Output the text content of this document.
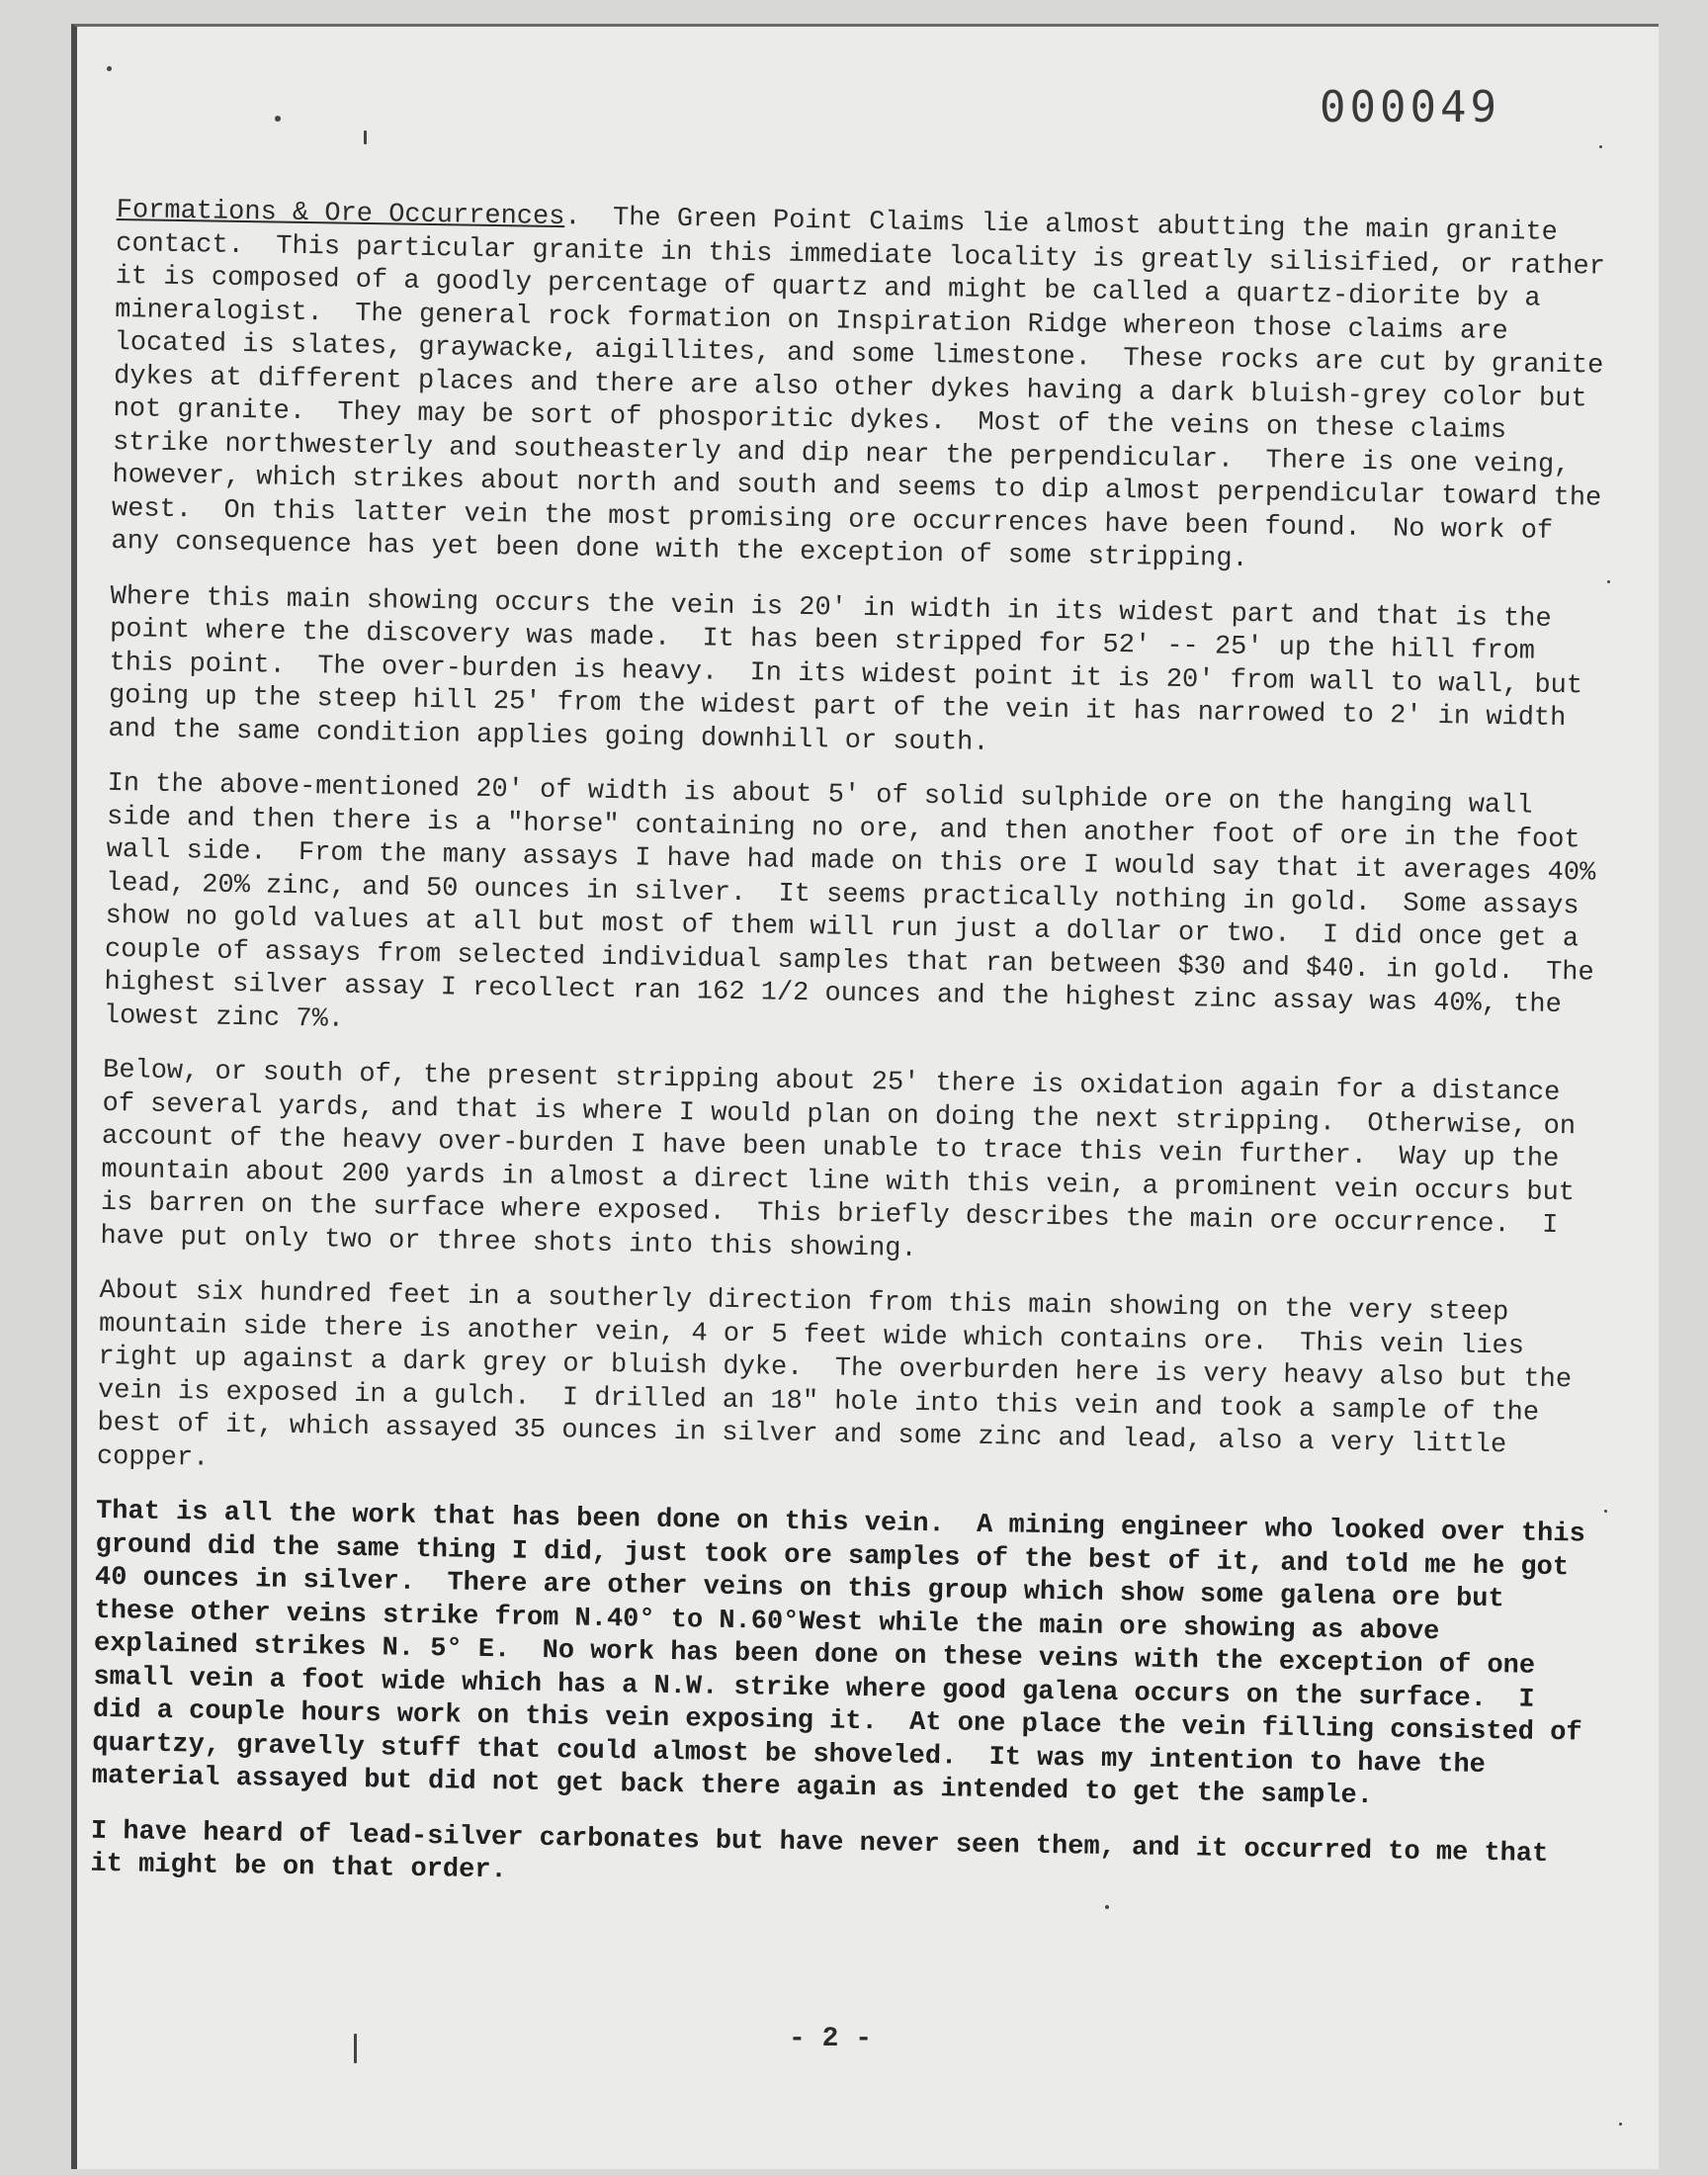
000049

Formations & Ore Occurrences.  The Green Point Claims lie almost abutting the main granite contact.  This particular granite in this immediate locality is greatly silisified, or rather it is composed of a goodly percentage of quartz and might be called a quartz-diorite by a mineralogist.  The general rock formation on Inspiration Ridge whereon those claims are located is slates, graywacke, aigillites, and some limestone.  These rocks are cut by granite dykes at different places and there are also other dykes having a dark bluish-grey color but not granite.  They may be sort of phosporitic dykes.  Most of the veins on these claims strike northwesterly and southeasterly and dip near the perpendicular.  There is one veing, however, which strikes about north and south and seems to dip almost perpendicular toward the west.  On this latter vein the most promising ore occurrences have been found.  No work of any consequence has yet been done with the exception of some stripping.

Where this main showing occurs the vein is 20' in width in its widest part and that is the point where the discovery was made.  It has been stripped for 52' -- 25' up the hill from this point.  The over-burden is heavy.  In its widest point it is 20' from wall to wall, but going up the steep hill 25' from the widest part of the vein it has narrowed to 2' in width and the same condition applies going downhill or south.

In the above-mentioned 20' of width is about 5' of solid sulphide ore on the hanging wall side and then there is a "horse" containing no ore, and then another foot of ore in the foot wall side.  From the many assays I have had made on this ore I would say that it averages 40% lead, 20% zinc, and 50 ounces in silver.  It seems practically nothing in gold.  Some assays show no gold values at all but most of them will run just a dollar or two.  I did once get a couple of assays from selected individual samples that ran between $30 and $40. in gold.  The highest silver assay I recollect ran 162 1/2 ounces and the highest zinc assay was 40%, the lowest zinc 7%.

Below, or south of, the present stripping about 25' there is oxidation again for a distance of several yards, and that is where I would plan on doing the next stripping.  Otherwise, on account of the heavy over-burden I have been unable to trace this vein further.  Way up the mountain about 200 yards in almost a direct line with this vein, a prominent vein occurs but is barren on the surface where exposed.  This briefly describes the main ore occurrence.  I have put only two or three shots into this showing.

About six hundred feet in a southerly direction from this main showing on the very steep mountain side there is another vein, 4 or 5 feet wide which contains ore.  This vein lies right up against a dark grey or bluish dyke.  The overburden here is very heavy also but the vein is exposed in a gulch.  I drilled an 18" hole into this vein and took a sample of the best of it, which assayed 35 ounces in silver and some zinc and lead, also a very little copper.

That is all the work that has been done on this vein.  A mining engineer who looked over this ground did the same thing I did, just took ore samples of the best of it, and told me he got 40 ounces in silver.  There are other veins on this group which show some galena ore but these other veins strike from N.40° to N.60°West while the main ore showing as above explained strikes N. 5° E.  No work has been done on these veins with the exception of one small vein a foot wide which has a N.W. strike where good galena occurs on the surface.  I did a couple hours work on this vein exposing it.  At one place the vein filling consisted of quartzy, gravelly stuff that could almost be shoveled.  It was my intention to have the material assayed but did not get back there again as intended to get the sample.

I have heard of lead-silver carbonates but have never seen them, and it occurred to me that it might be on that order.

- 2 -
